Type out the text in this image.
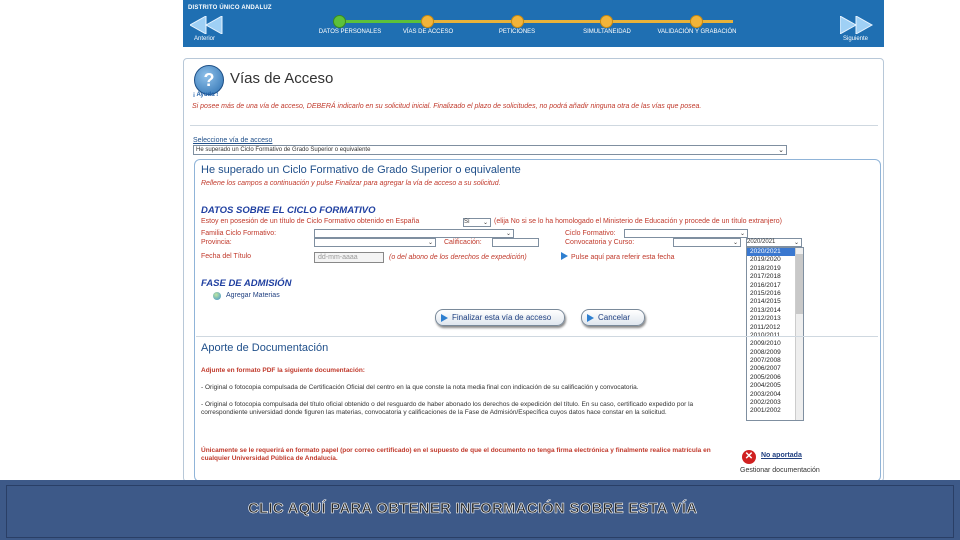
DISTRITO ÚNICO ANDALUZ
Anterior	Siguiente
DATOS PERSONALES	VÍAS DE ACCESO	PETICIONES	SIMULTANEIDAD	VALIDACIÓN Y GRABACIÓN
?
¡ Ayuda !
Vías de Acceso
Si posee más de una vía de acceso, DEBERÁ indicarlo en su solicitud inicial. Finalizado el plazo de solicitudes, no podrá añadir ninguna otra de las vías que posea.
Seleccione vía de acceso
He superado un Ciclo Formativo de Grado Superior o equivalente	⌄
He superado un Ciclo Formativo de Grado Superior o equivalente
Rellene los campos a continuación y pulse Finalizar para agregar la vía de acceso a su solicitud.
DATOS SOBRE EL CICLO FORMATIVO
Estoy en posesión de un título de Ciclo Formativo obtenido en España	Sí ⌄ (elija No si se lo ha homologado el Ministerio de Educación y procede de un título extranjero)
Familia Ciclo Formativo:	⌄	Ciclo Formativo:	⌄
Provincia:	⌄ Calificación:	Convocatoria y Curso:	⌄ 2020/2021	⌄
Fecha del Título	dd-mm-aaaa	(o del abono de los derechos de expedición)	Pulse aquí para referir esta fecha
2020/2021
2019/2020
2018/2019
2017/2018
2016/2017
2015/2016
2014/2015
2013/2014
2012/2013
2011/2012
2009/2010
2008/2009
2007/2008
2006/2007
2005/2006
2004/2005
2003/2004
2002/2003
2001/2002
FASE DE ADMISIÓN
Agregar Materias
Finalizar esta vía de acceso	Cancelar
Aporte de Documentación
Adjunte en formato PDF la siguiente documentación:
- Original o fotocopia compulsada de Certificación Oficial del centro en la que conste la nota media final con indicación de su calificación y convocatoria.
- Original o fotocopia compulsada del título oficial obtenido o del resguardo de haber abonado los derechos de expedición del título. En su caso, certificado expedido por la correspondiente universidad donde figuren las materias, convocatoria y calificaciones de la Fase de Admisión/Específica cuyos datos hace constar en la solicitud.
Únicamente se le requerirá en formato papel (por correo certificado) en el supuesto de que el documento no tenga firma electrónica y finalmente realice matrícula en cualquier Universidad Pública de Andalucía.	✕	No aportada
Gestionar documentación
CLIC AQUÍ PARA OBTENER INFORMACIÓN SOBRE ESTA VÍA
